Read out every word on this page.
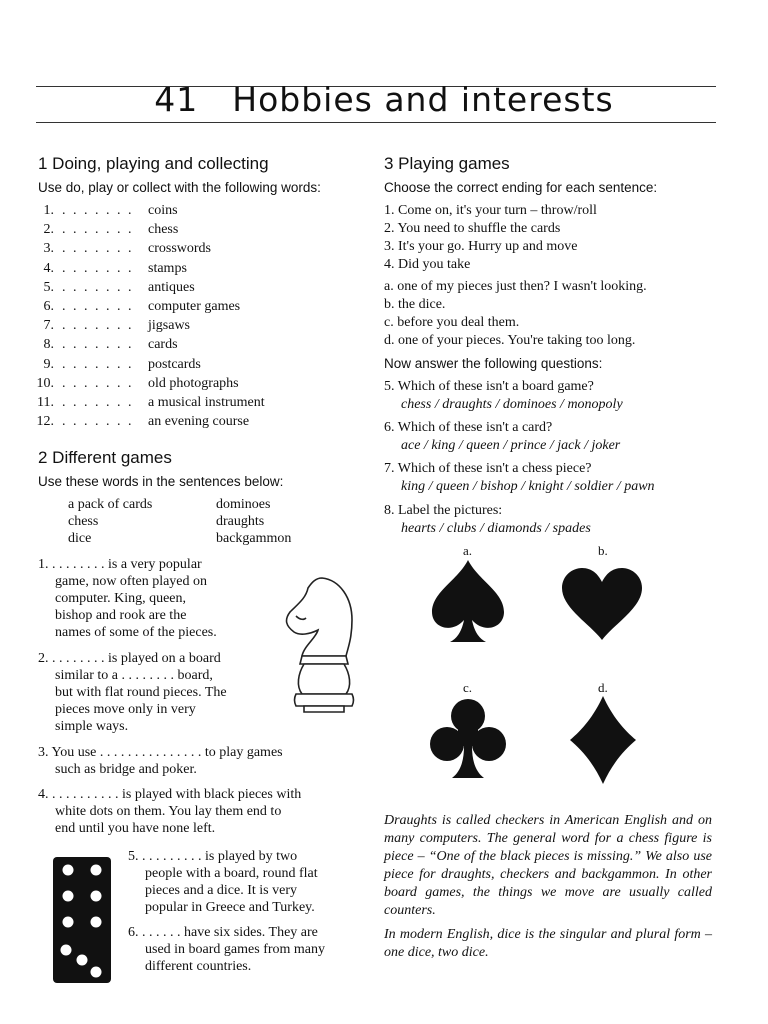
41 Hobbies and interests
1 Doing, playing and collecting
Use do, play or collect with the following words:
1. . . . . . . . coins
2. . . . . . . . chess
3. . . . . . . . crosswords
4. . . . . . . . stamps
5. . . . . . . . antiques
6. . . . . . . . computer games
7. . . . . . . . jigsaws
8. . . . . . . . cards
9. . . . . . . . postcards
10. . . . . . . . old photographs
11. . . . . . . . a musical instrument
12. . . . . . . . an evening course
2 Different games
Use these words in the sentences below:
a pack of cards
chess
dice
dominoes
draughts
backgammon
1. . . . . . . . . is a very popular
game, now often played on
computer. King, queen,
bishop and rook are the
names of some of the pieces.
2. . . . . . . . . is played on a board
similar to a . . . . . . . . board,
but with flat round pieces. The
pieces move only in very
simple ways.
3. You use . . . . . . . . . . . . . . . to play games
such as bridge and poker.
4. . . . . . . . . . . is played with black pieces with
white dots on them. You lay them end to
end until you have none left.
5. . . . . . . . . . is played by two
people with a board, round flat
pieces and a dice. It is very
popular in Greece and Turkey.
6. . . . . . . have six sides. They are
used in board games from many
different countries.
3 Playing games
Choose the correct ending for each sentence:
1. Come on, it's your turn – throw/roll
2. You need to shuffle the cards
3. It's your go. Hurry up and move
4. Did you take
a. one of my pieces just then? I wasn't looking.
b. the dice.
c. before you deal them.
d. one of your pieces. You're taking too long.
Now answer the following questions:
5. Which of these isn't a board game?
chess / draughts / dominoes / monopoly
6. Which of these isn't a card?
ace / king / queen / prince / jack / joker
7. Which of these isn't a chess piece?
king / queen / bishop / knight / soldier / pawn
8. Label the pictures:
hearts / clubs / diamonds / spades
a.	b.
c.	d.
Draughts is called checkers in American English and on many computers. The general word for a chess figure is piece – “One of the black pieces is missing.” We also use piece for draughts, checkers and backgammon. In other board games, the things we move are usually called counters.
In modern English, dice is the singular and plural form – one dice, two dice.
